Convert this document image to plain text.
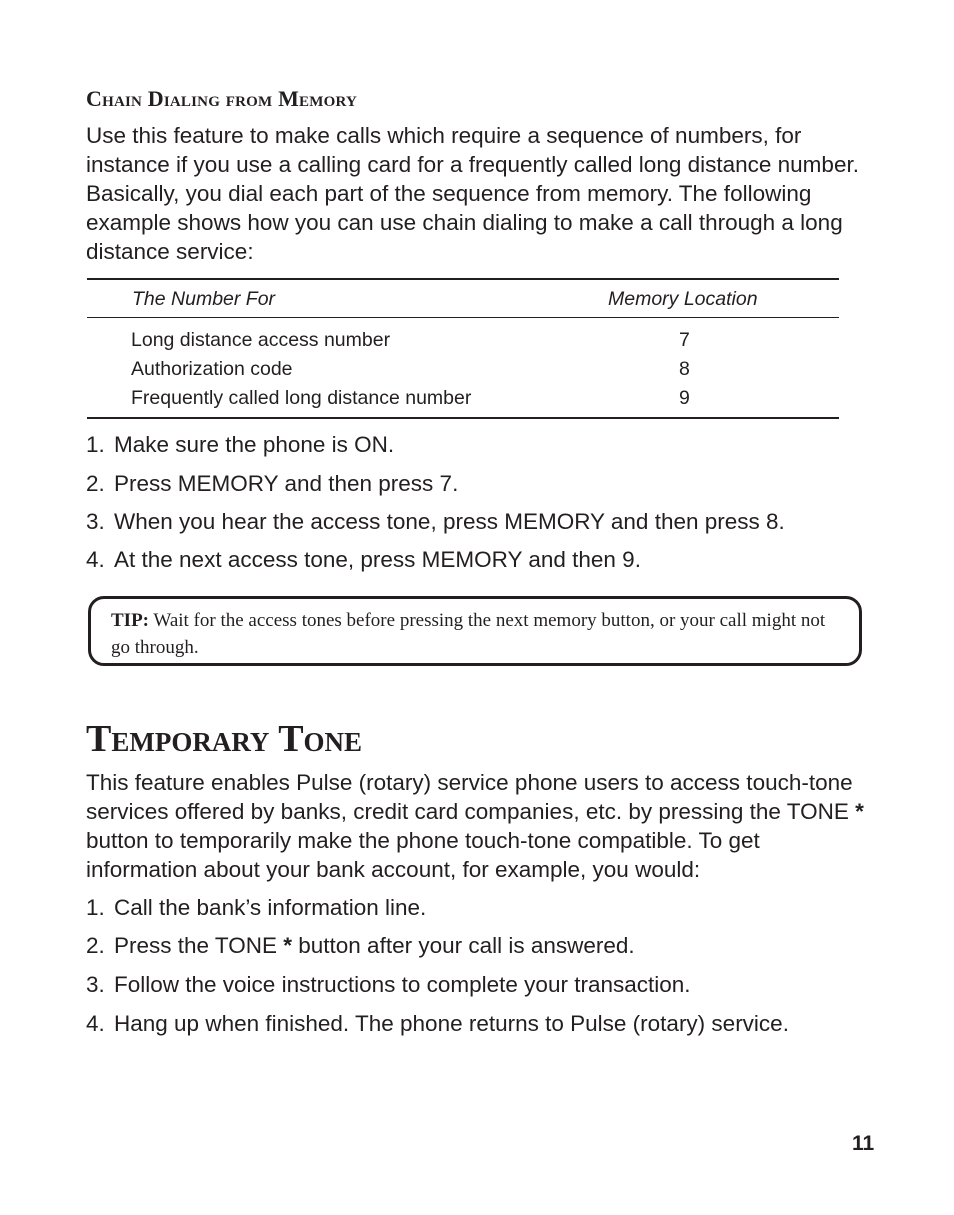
Chain Dialing from Memory

Use this feature to make calls which require a sequence of numbers, for instance if you use a calling card for a frequently called long distance number. Basically, you dial each part of the sequence from memory. The following example shows how you can use chain dialing to make a call through a long distance service:

The Number For	Memory Location
Long distance access number	7
Authorization code	8
Frequently called long distance number	9
1. Make sure the phone is ON.
2. Press MEMORY and then press 7.
3. When you hear the access tone, press MEMORY and then press 8.
4. At the next access tone, press MEMORY and then 9.

TIP: Wait for the access tones before pressing the next memory button, or your call might not go through.

Temporary Tone

This feature enables Pulse (rotary) service phone users to access touch-tone services offered by banks, credit card companies, etc. by pressing the TONE * button to temporarily make the phone touch-tone compatible. To get information about your bank account, for example, you would:

1. Call the bank’s information line.
2. Press the TONE * button after your call is answered.
3. Follow the voice instructions to complete your transaction.
4. Hang up when finished. The phone returns to Pulse (rotary) service.
11
